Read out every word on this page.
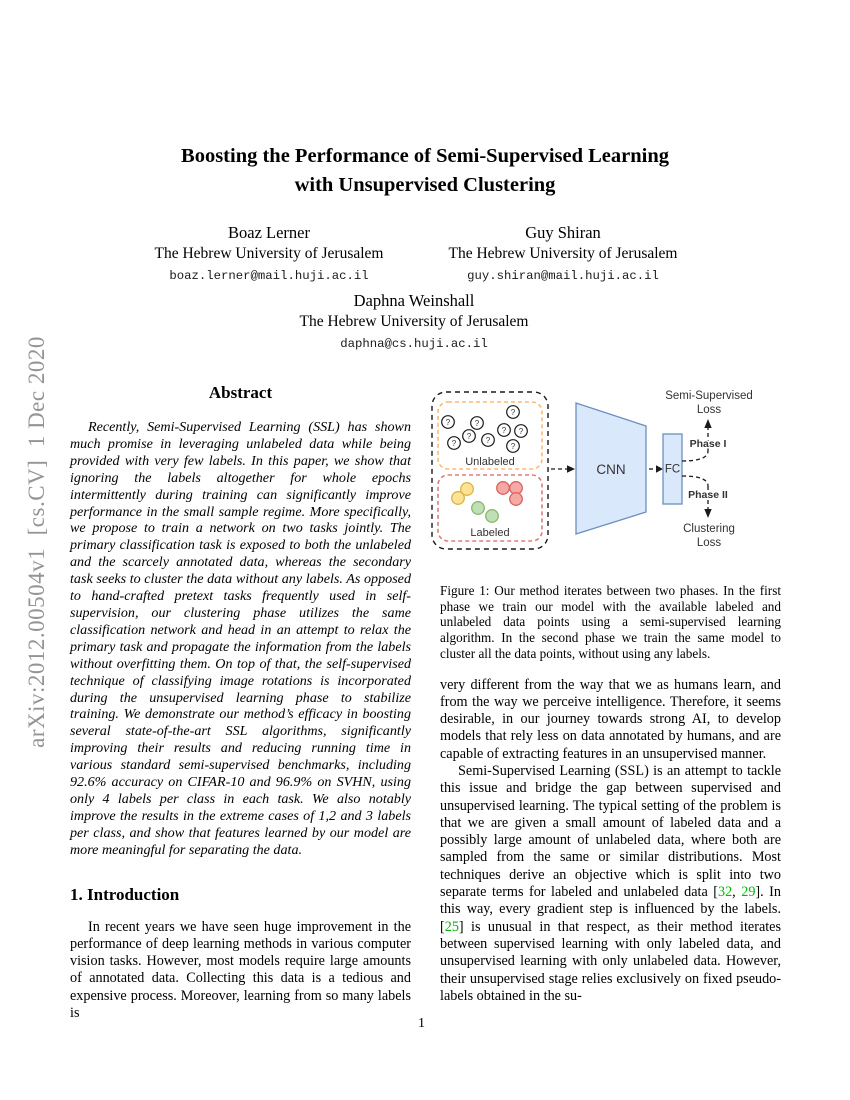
arXiv:2012.00504v1  [cs.CV]  1 Dec 2020
Boosting the Performance of Semi-Supervised Learning
with Unsupervised Clustering
Boaz Lerner
The Hebrew University of Jerusalem
boaz.lerner@mail.huji.ac.il
Guy Shiran
The Hebrew University of Jerusalem
guy.shiran@mail.huji.ac.il
Daphna Weinshall
The Hebrew University of Jerusalem
daphna@cs.huji.ac.il
Abstract

Recently, Semi-Supervised Learning (SSL) has shown much promise in leveraging unlabeled data while being provided with very few labels. In this paper, we show that ignoring the labels altogether for whole epochs intermittently during training can significantly improve performance in the small sample regime. More specifically, we propose to train a network on two tasks jointly. The primary classification task is exposed to both the unlabeled and the scarcely annotated data, whereas the secondary task seeks to cluster the data without any labels. As opposed to hand-crafted pretext tasks frequently used in self-supervision, our clustering phase utilizes the same classification network and head in an attempt to relax the primary task and propagate the information from the labels without overfitting them. On top of that, the self-supervised technique of classifying image rotations is incorporated during the unsupervised learning phase to stabilize training. We demonstrate our method’s efficacy in boosting several state-of-the-art SSL algorithms, significantly improving their results and reducing running time in various standard semi-supervised benchmarks, including 92.6% accuracy on CIFAR-10 and 96.9% on SVHN, using only 4 labels per class in each task. We also notably improve the results in the extreme cases of 1,2 and 3 labels per class, and show that features learned by our model are more meaningful for separating the data.

1. Introduction

In recent years we have seen huge improvement in the performance of deep learning methods in various computer vision tasks. However, most models require large amounts of annotated data. Collecting this data is a tedious and expensive process. Moreover, learning from so many labels is

?	?
?
?
? ?
? ?
?
Unlabeled
Labeled
CNN	FC
Phase I
Semi-Supervised
Loss
Phase II
Clustering
Loss

Figure 1: Our method iterates between two phases. In the first phase we train our model with the available labeled and unlabeled data points using a semi-supervised learning algorithm. In the second phase we train the same model to cluster all the data points, without using any labels.

very different from the way that we as humans learn, and from the way we perceive intelligence. Therefore, it seems desirable, in our journey towards strong AI, to develop models that rely less on data annotated by humans, and are capable of extracting features in an unsupervised manner.

Semi-Supervised Learning (SSL) is an attempt to tackle this issue and bridge the gap between supervised and unsupervised learning. The typical setting of the problem is that we are given a small amount of labeled data and a possibly large amount of unlabeled data, where both are sampled from the same or similar distributions. Most techniques derive an objective which is split into two separate terms for labeled and unlabeled data [32, 29]. In this way, every gradient step is influenced by the labels. [25] is unusual in that respect, as their method iterates between supervised learning with only labeled data, and unsupervised learning with only unlabeled data. However, their unsupervised stage relies exclusively on fixed pseudo-labels obtained in the su-

1
